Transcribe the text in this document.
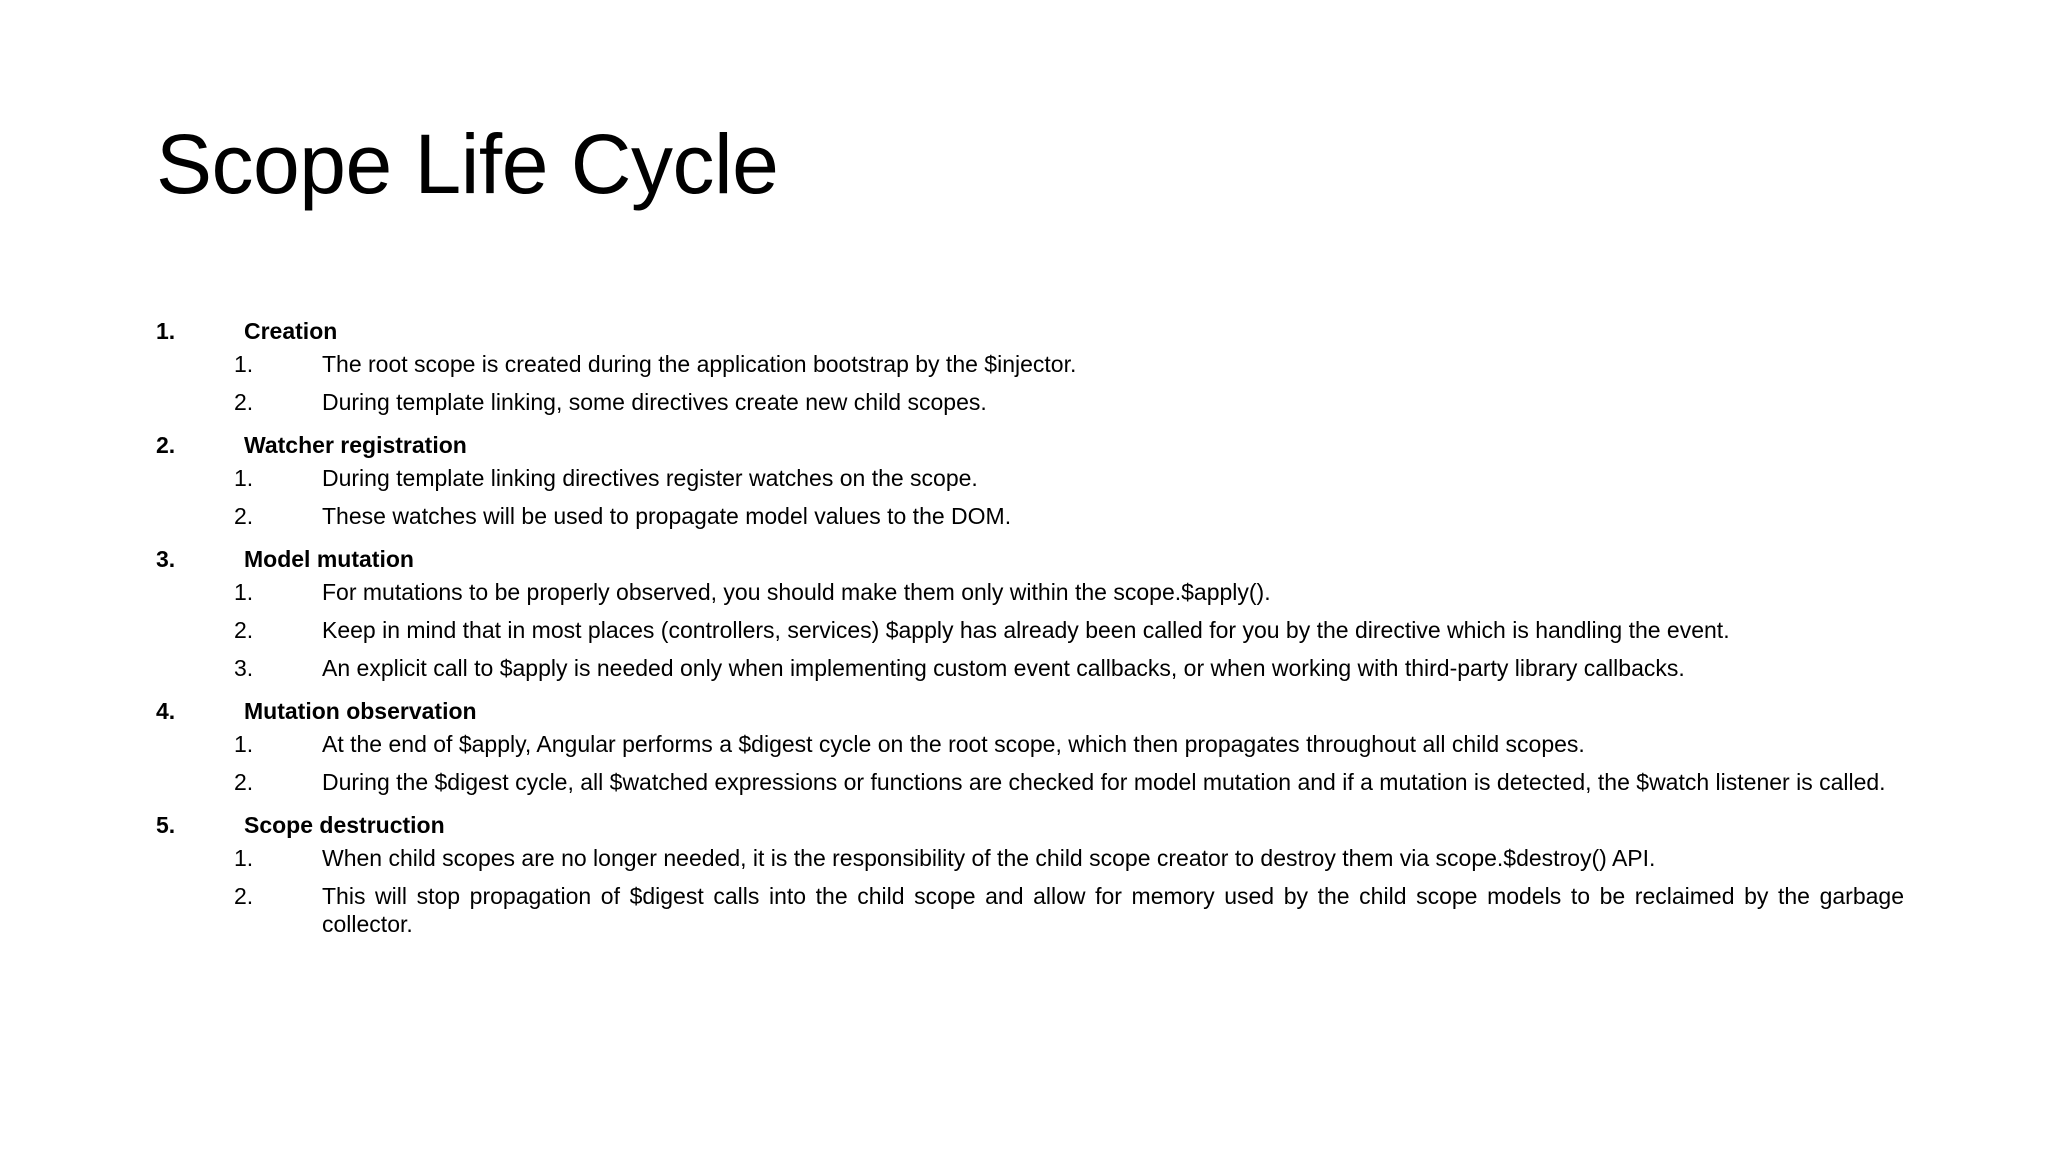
Scope Life Cycle
1.	Creation
1.	The root scope is created during the application bootstrap by the $injector.
2.	During template linking, some directives create new child scopes.
2.	Watcher registration
1.	During template linking directives register watches on the scope.
2.	These watches will be used to propagate model values to the DOM.
3.	Model mutation
1.	For mutations to be properly observed, you should make them only within the scope.$apply().
2.	Keep in mind that in most places (controllers, services) $apply has already been called for you by the directive which is handling the event.
3.	An explicit call to $apply is needed only when implementing custom event callbacks, or when working with third-party library callbacks.
4.	Mutation observation
1.	At the end of $apply, Angular performs a $digest cycle on the root scope, which then propagates throughout all child scopes.
2.	During the $digest cycle, all $watched expressions or functions are checked for model mutation and if a mutation is detected, the $watch listener is called.
5.	Scope destruction
1.	When child scopes are no longer needed, it is the responsibility of the child scope creator to destroy them via scope.$destroy() API.
2.	This will stop propagation of $digest calls into the child scope and allow for memory used by the child scope models to be reclaimed by the garbage collector.
